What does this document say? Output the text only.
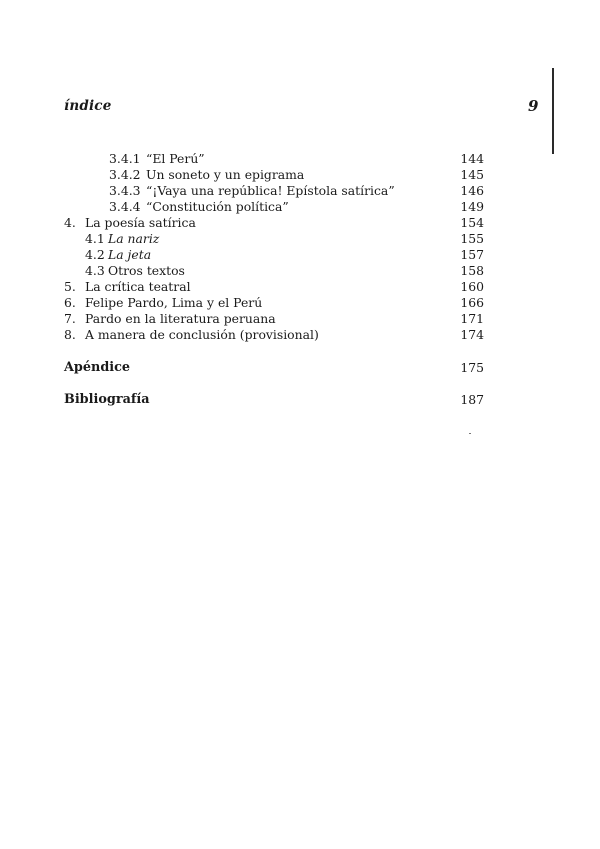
índice	9
3.4.1 “El Perú”	144
3.4.2 Un soneto y un epigrama	145
3.4.3 “¡Vaya una república! Epístola satírica”	146
3.4.4 “Constitución política”	149
4. La poesía satírica	154
4.1 La nariz	155
4.2 La jeta	157
4.3 Otros textos	158
5. La crítica teatral	160
6. Felipe Pardo, Lima y el Perú	166
7. Pardo en la literatura peruana	171
8. A manera de conclusión (provisional)	174
Apéndice	175
Bibliografía	187
